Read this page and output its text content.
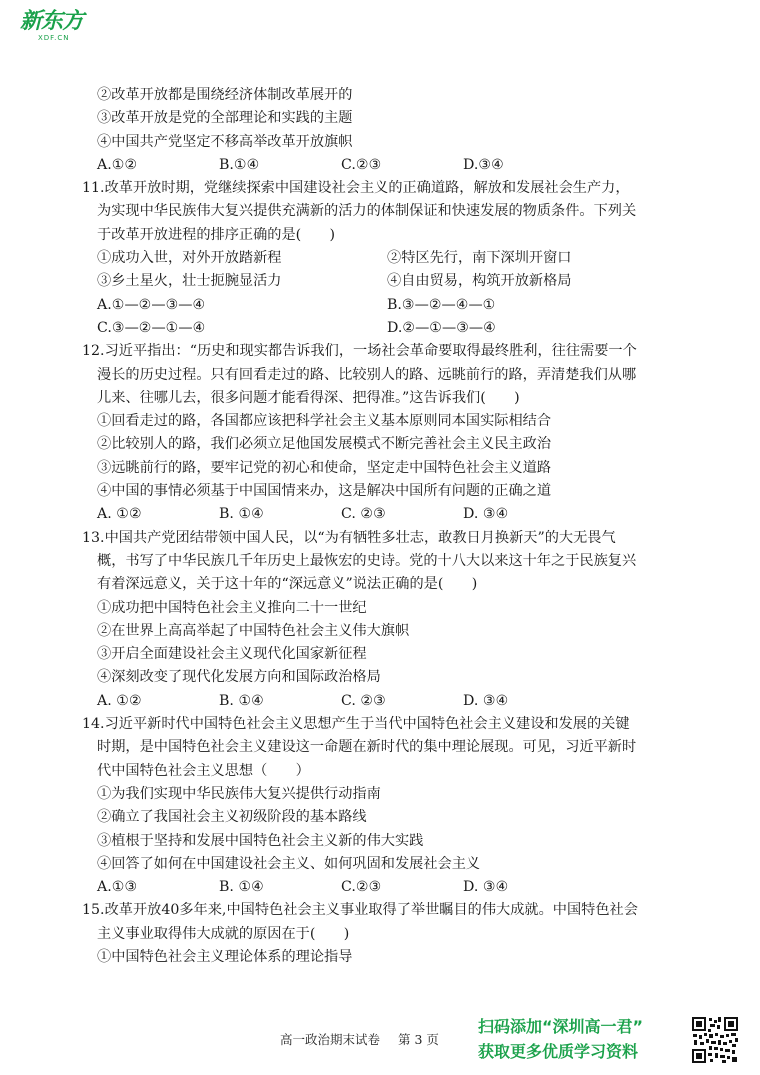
新东方
XDF.CN
②改革开放都是围绕经济体制改革展开的
③改革开放是党的全部理论和实践的主题
④中国共产党坚定不移高举改革开放旗帜
A.①②	B.①④	C.②③	D.③④
11.改革开放时期，党继续探索中国建设社会主义的正确道路，解放和发展社会生产力，
为实现中华民族伟大复兴提供充满新的活力的体制保证和快速发展的物质条件。下列关
于改革开放进程的排序正确的是(　　)
①成功入世，对外开放踏新程	②特区先行，南下深圳开窗口
③乡土星火，壮士扼腕显活力	④自由贸易，构筑开放新格局
A.①—②—③—④	B.③—②—④—①
C.③—②—①—④	D.②—①—③—④
12.习近平指出：“历史和现实都告诉我们，一场社会革命要取得最终胜利，往往需要一个
漫长的历史过程。只有回看走过的路、比较别人的路、远眺前行的路，弄清楚我们从哪
儿来、往哪儿去，很多问题才能看得深、把得准。”这告诉我们(　　)
①回看走过的路，各国都应该把科学社会主义基本原则同本国实际相结合
②比较别人的路，我们必须立足他国发展模式不断完善社会主义民主政治
③远眺前行的路，要牢记党的初心和使命，坚定走中国特色社会主义道路
④中国的事情必须基于中国国情来办，这是解决中国所有问题的正确之道
A. ①②	B. ①④	C. ②③	D. ③④
13.中国共产党团结带领中国人民，以“为有牺牲多壮志，敢教日月换新天”的大无畏气
概，书写了中华民族几千年历史上最恢宏的史诗。党的十八大以来这十年之于民族复兴
有着深远意义，关于这十年的“深远意义”说法正确的是(　　)
①成功把中国特色社会主义推向二十一世纪
②在世界上高高举起了中国特色社会主义伟大旗帜
③开启全面建设社会主义现代化国家新征程
④深刻改变了现代化发展方向和国际政治格局
A. ①②	B. ①④	C. ②③	D. ③④
14.习近平新时代中国特色社会主义思想产生于当代中国特色社会主义建设和发展的关键
时期，是中国特色社会主义建设这一命题在新时代的集中理论展现。可见，习近平新时
代中国特色社会主义思想（　　）
①为我们实现中华民族伟大复兴提供行动指南
②确立了我国社会主义初级阶段的基本路线
③植根于坚持和发展中国特色社会主义新的伟大实践
④回答了如何在中国建设社会主义、如何巩固和发展社会主义
A.①③	B. ①④	C.②③	D. ③④
15.改革开放40多年来,中国特色社会主义事业取得了举世瞩目的伟大成就。中国特色社会
主义事业取得伟大成就的原因在于(　　)
①中国特色社会主义理论体系的理论指导
高一政治期末试卷 第 3 页
扫码添加“深圳高一君”
获取更多优质学习资料
